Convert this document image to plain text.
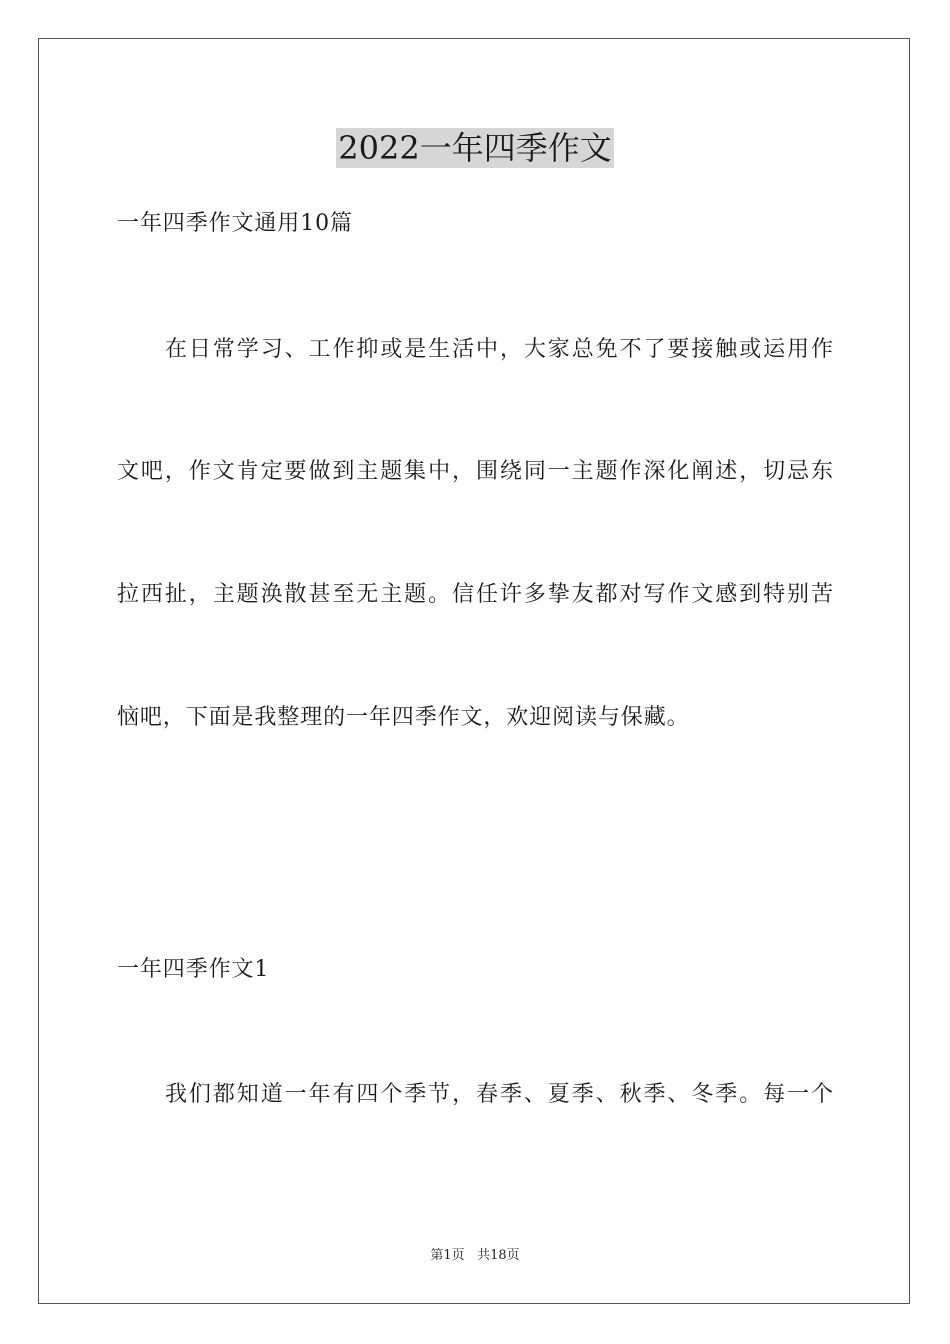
2022一年四季作文
一年四季作文通用10篇
在日常学习、工作抑或是生活中，大家总免不了要接触或运用作
文吧，作文肯定要做到主题集中，围绕同一主题作深化阐述，切忌东
拉西扯，主题涣散甚至无主题。信任许多挚友都对写作文感到特别苦
恼吧，下面是我整理的一年四季作文，欢迎阅读与保藏。
一年四季作文1
我们都知道一年有四个季节，春季、夏季、秋季、冬季。每一个
第1页 共18页
